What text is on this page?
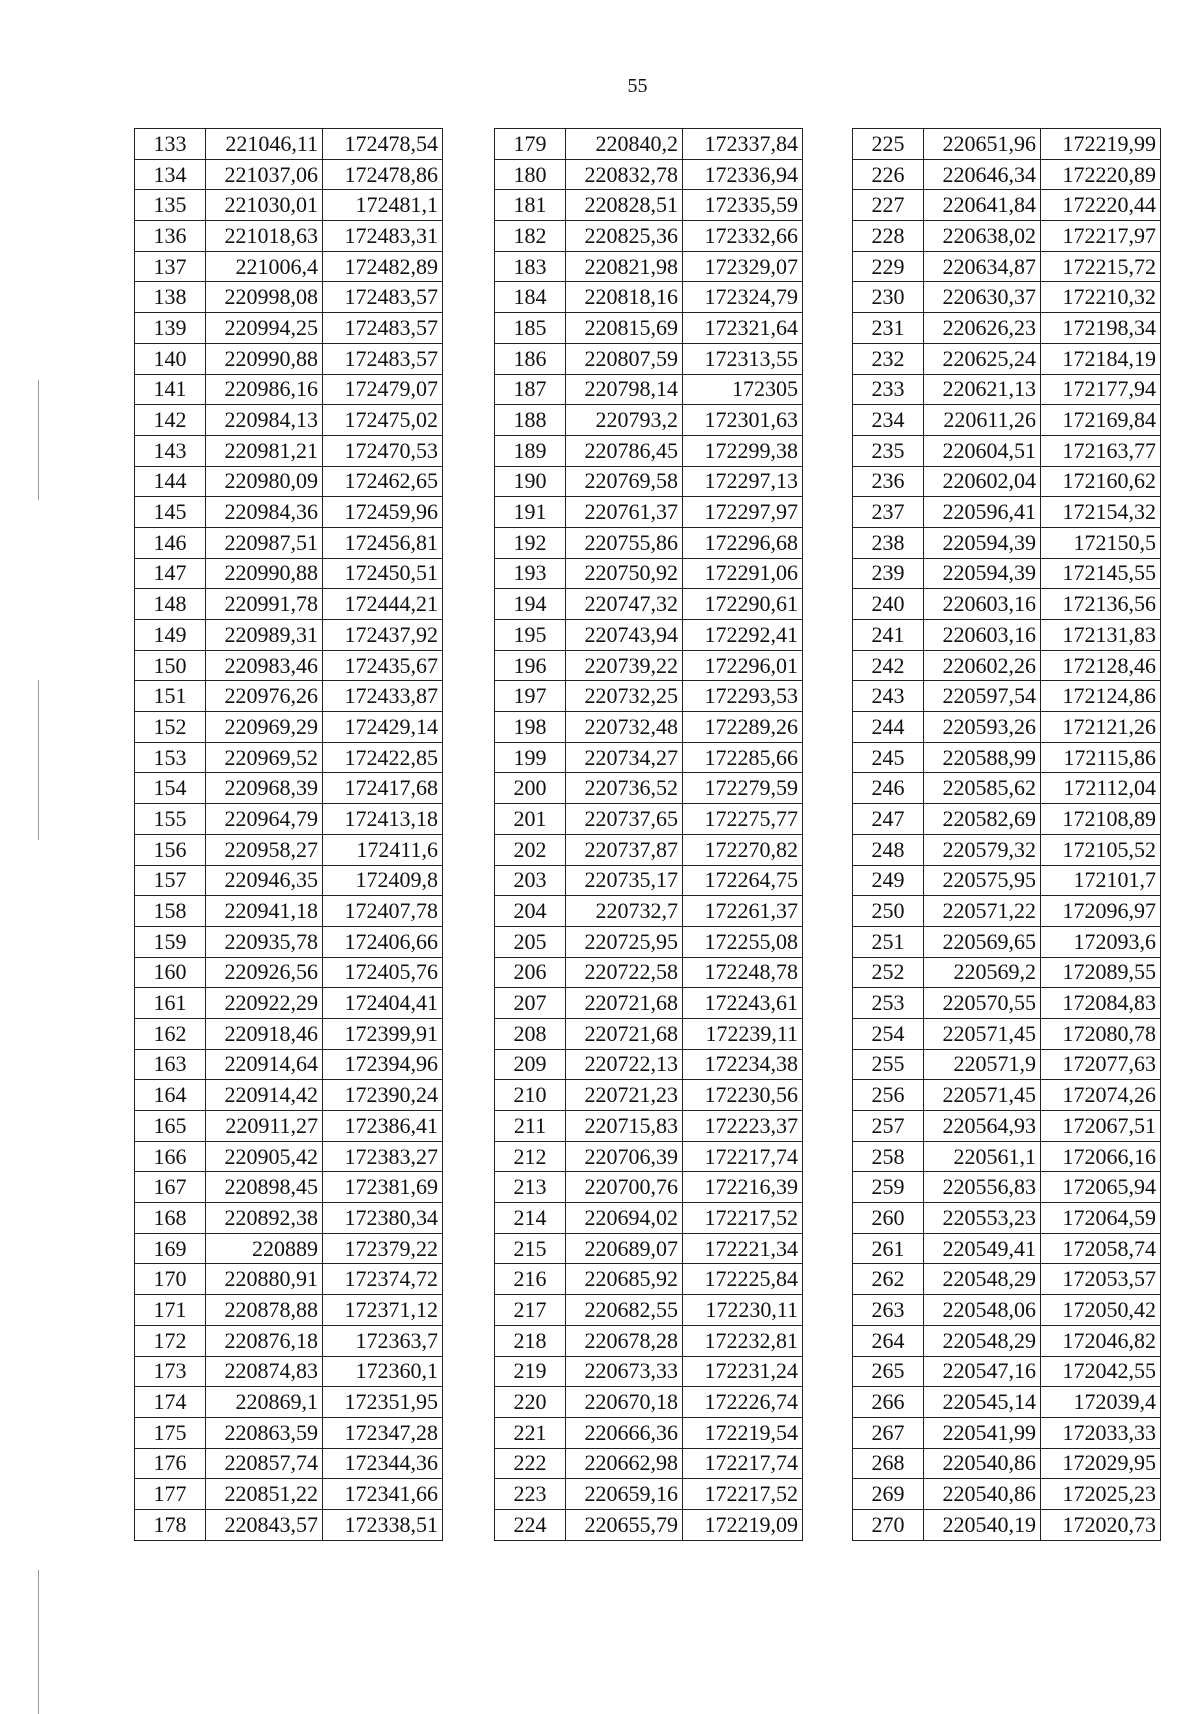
55
133	221046,11	172478,54
134	221037,06	172478,86
135	221030,01	172481,1
136	221018,63	172483,31
137	221006,4	172482,89
138	220998,08	172483,57
139	220994,25	172483,57
140	220990,88	172483,57
141	220986,16	172479,07
142	220984,13	172475,02
143	220981,21	172470,53
144	220980,09	172462,65
145	220984,36	172459,96
146	220987,51	172456,81
147	220990,88	172450,51
148	220991,78	172444,21
149	220989,31	172437,92
150	220983,46	172435,67
151	220976,26	172433,87
152	220969,29	172429,14
153	220969,52	172422,85
154	220968,39	172417,68
155	220964,79	172413,18
156	220958,27	172411,6
157	220946,35	172409,8
158	220941,18	172407,78
159	220935,78	172406,66
160	220926,56	172405,76
161	220922,29	172404,41
162	220918,46	172399,91
163	220914,64	172394,96
164	220914,42	172390,24
165	220911,27	172386,41
166	220905,42	172383,27
167	220898,45	172381,69
168	220892,38	172380,34
169	220889	172379,22
170	220880,91	172374,72
171	220878,88	172371,12
172	220876,18	172363,7
173	220874,83	172360,1
174	220869,1	172351,95
175	220863,59	172347,28
176	220857,74	172344,36
177	220851,22	172341,66
178	220843,57	172338,51
179	220840,2	172337,84
180	220832,78	172336,94
181	220828,51	172335,59
182	220825,36	172332,66
183	220821,98	172329,07
184	220818,16	172324,79
185	220815,69	172321,64
186	220807,59	172313,55
187	220798,14	172305
188	220793,2	172301,63
189	220786,45	172299,38
190	220769,58	172297,13
191	220761,37	172297,97
192	220755,86	172296,68
193	220750,92	172291,06
194	220747,32	172290,61
195	220743,94	172292,41
196	220739,22	172296,01
197	220732,25	172293,53
198	220732,48	172289,26
199	220734,27	172285,66
200	220736,52	172279,59
201	220737,65	172275,77
202	220737,87	172270,82
203	220735,17	172264,75
204	220732,7	172261,37
205	220725,95	172255,08
206	220722,58	172248,78
207	220721,68	172243,61
208	220721,68	172239,11
209	220722,13	172234,38
210	220721,23	172230,56
211	220715,83	172223,37
212	220706,39	172217,74
213	220700,76	172216,39
214	220694,02	172217,52
215	220689,07	172221,34
216	220685,92	172225,84
217	220682,55	172230,11
218	220678,28	172232,81
219	220673,33	172231,24
220	220670,18	172226,74
221	220666,36	172219,54
222	220662,98	172217,74
223	220659,16	172217,52
224	220655,79	172219,09
225	220651,96	172219,99
226	220646,34	172220,89
227	220641,84	172220,44
228	220638,02	172217,97
229	220634,87	172215,72
230	220630,37	172210,32
231	220626,23	172198,34
232	220625,24	172184,19
233	220621,13	172177,94
234	220611,26	172169,84
235	220604,51	172163,77
236	220602,04	172160,62
237	220596,41	172154,32
238	220594,39	172150,5
239	220594,39	172145,55
240	220603,16	172136,56
241	220603,16	172131,83
242	220602,26	172128,46
243	220597,54	172124,86
244	220593,26	172121,26
245	220588,99	172115,86
246	220585,62	172112,04
247	220582,69	172108,89
248	220579,32	172105,52
249	220575,95	172101,7
250	220571,22	172096,97
251	220569,65	172093,6
252	220569,2	172089,55
253	220570,55	172084,83
254	220571,45	172080,78
255	220571,9	172077,63
256	220571,45	172074,26
257	220564,93	172067,51
258	220561,1	172066,16
259	220556,83	172065,94
260	220553,23	172064,59
261	220549,41	172058,74
262	220548,29	172053,57
263	220548,06	172050,42
264	220548,29	172046,82
265	220547,16	172042,55
266	220545,14	172039,4
267	220541,99	172033,33
268	220540,86	172029,95
269	220540,86	172025,23
270	220540,19	172020,73
